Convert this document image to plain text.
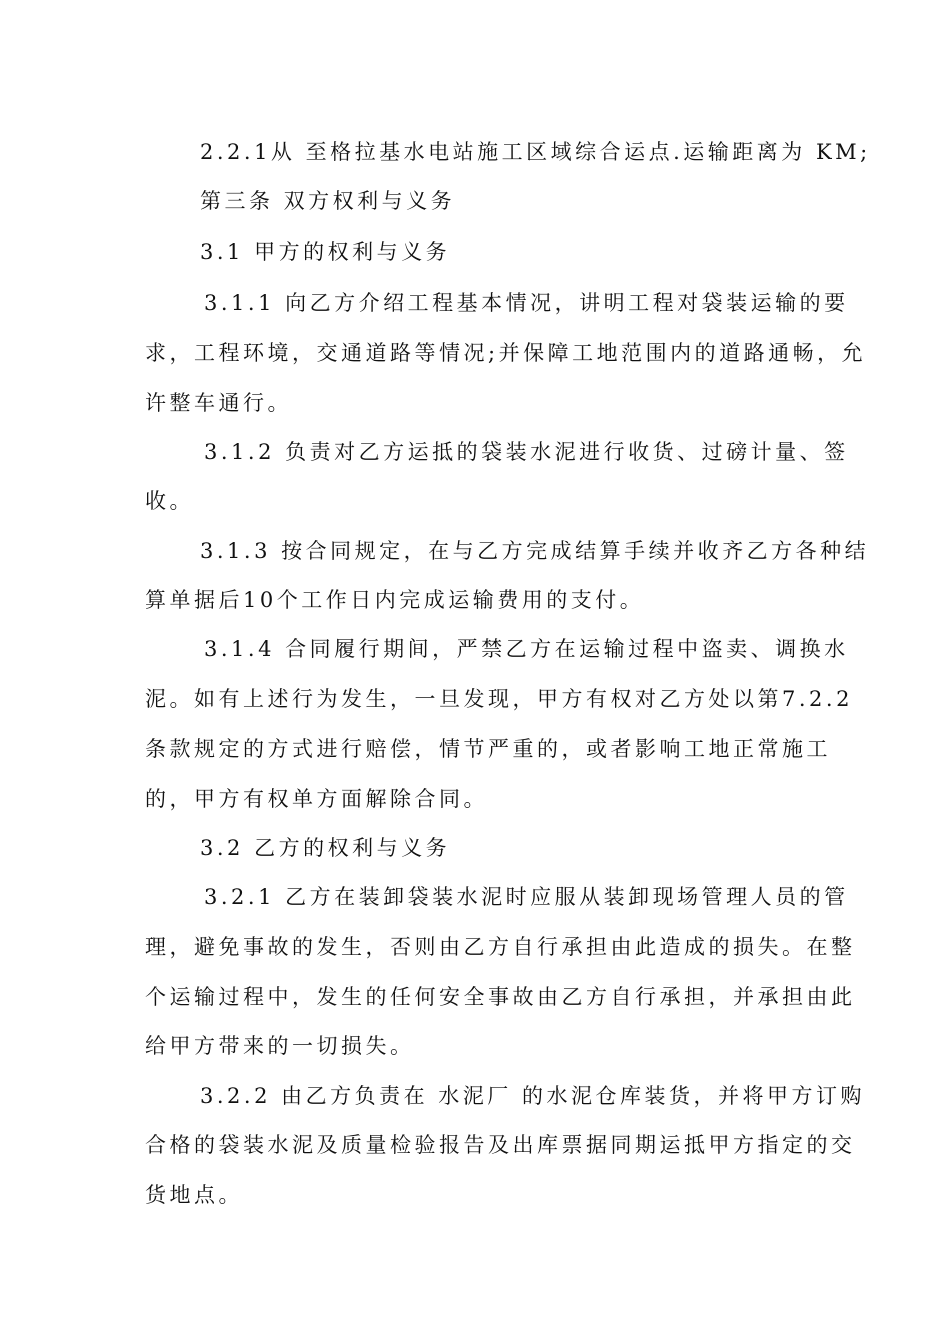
2.2.1从 至格拉基水电站施工区域综合运点.运输距离为 KM;
第三条 双方权利与义务
3.1 甲方的权利与义务
3.1.1 向乙方介绍工程基本情况，讲明工程对袋装运输的要
求，工程环境，交通道路等情况;并保障工地范围内的道路通畅，允
许整车通行。
3.1.2 负责对乙方运抵的袋装水泥进行收货、过磅计量、签
收。
3.1.3 按合同规定，在与乙方完成结算手续并收齐乙方各种结
算单据后10个工作日内完成运输费用的支付。
3.1.4 合同履行期间，严禁乙方在运输过程中盗卖、调换水
泥。如有上述行为发生，一旦发现，甲方有权对乙方处以第7.2.2
条款规定的方式进行赔偿，情节严重的，或者影响工地正常施工
的，甲方有权单方面解除合同。
3.2 乙方的权利与义务
3.2.1 乙方在装卸袋装水泥时应服从装卸现场管理人员的管
理，避免事故的发生，否则由乙方自行承担由此造成的损失。在整
个运输过程中，发生的任何安全事故由乙方自行承担，并承担由此
给甲方带来的一切损失。
3.2.2 由乙方负责在 水泥厂 的水泥仓库装货，并将甲方订购
合格的袋装水泥及质量检验报告及出库票据同期运抵甲方指定的交
货地点。
